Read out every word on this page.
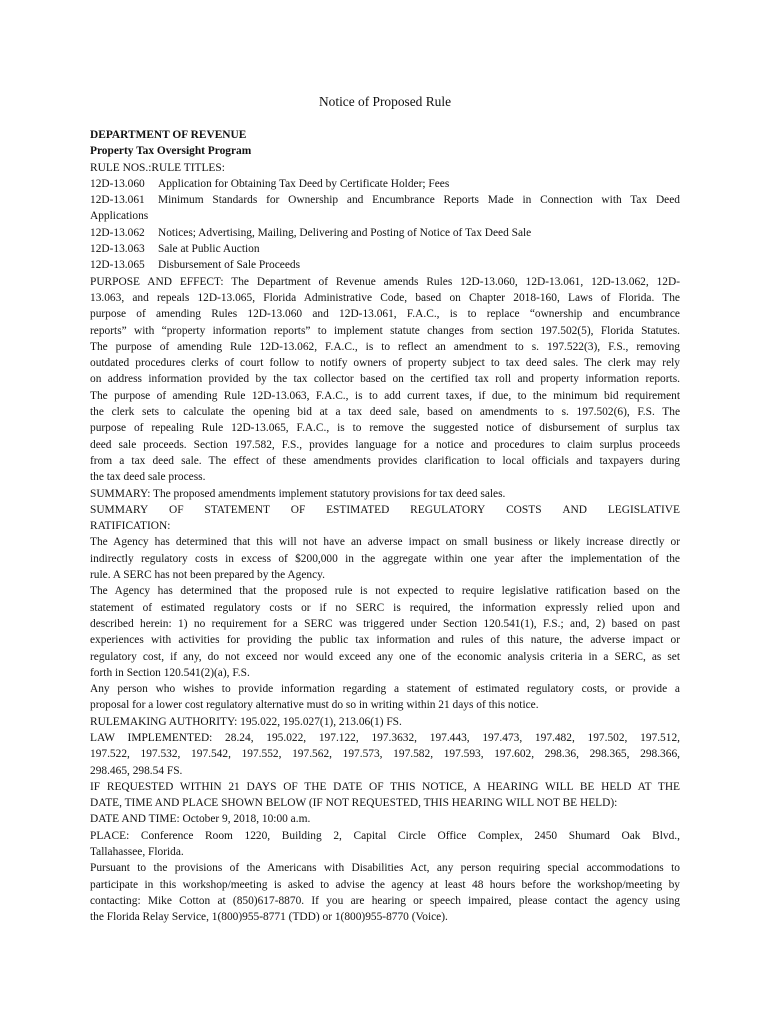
Notice of Proposed Rule
DEPARTMENT OF REVENUE
Property Tax Oversight Program
RULE NOS.:RULE TITLES:
12D-13.060	Application for Obtaining Tax Deed by Certificate Holder; Fees
12D-13.061	Minimum Standards for Ownership and Encumbrance Reports Made in Connection with Tax Deed
Applications
12D-13.062	Notices; Advertising, Mailing, Delivering and Posting of Notice of Tax Deed Sale
12D-13.063	Sale at Public Auction
12D-13.065	Disbursement of Sale Proceeds
PURPOSE AND EFFECT: The Department of Revenue amends Rules 12D-13.060, 12D-13.061, 12D-13.062, 12D-
13.063, and repeals 12D-13.065, Florida Administrative Code, based on Chapter 2018-160, Laws of Florida. The
purpose of amending Rules 12D-13.060 and 12D-13.061, F.A.C., is to replace “ownership and encumbrance
reports” with “property information reports” to implement statute changes from section 197.502(5), Florida Statutes.
The purpose of amending Rule 12D-13.062, F.A.C., is to reflect an amendment to s. 197.522(3), F.S., removing
outdated procedures clerks of court follow to notify owners of property subject to tax deed sales. The clerk may rely
on address information provided by the tax collector based on the certified tax roll and property information reports.
The purpose of amending Rule 12D-13.063, F.A.C., is to add current taxes, if due, to the minimum bid requirement
the clerk sets to calculate the opening bid at a tax deed sale, based on amendments to s. 197.502(6), F.S. The
purpose of repealing Rule 12D-13.065, F.A.C., is to remove the suggested notice of disbursement of surplus tax
deed sale proceeds. Section 197.582, F.S., provides language for a notice and procedures to claim surplus proceeds
from a tax deed sale. The effect of these amendments provides clarification to local officials and taxpayers during
the tax deed sale process.
SUMMARY: The proposed amendments implement statutory provisions for tax deed sales.
SUMMARY OF STATEMENT OF ESTIMATED REGULATORY COSTS AND LEGISLATIVE
RATIFICATION:
The Agency has determined that this will not have an adverse impact on small business or likely increase directly or
indirectly regulatory costs in excess of $200,000 in the aggregate within one year after the implementation of the
rule. A SERC has not been prepared by the Agency.
The Agency has determined that the proposed rule is not expected to require legislative ratification based on the
statement of estimated regulatory costs or if no SERC is required, the information expressly relied upon and
described herein: 1) no requirement for a SERC was triggered under Section 120.541(1), F.S.; and, 2) based on past
experiences with activities for providing the public tax information and rules of this nature, the adverse impact or
regulatory cost, if any, do not exceed nor would exceed any one of the economic analysis criteria in a SERC, as set
forth in Section 120.541(2)(a), F.S.
Any person who wishes to provide information regarding a statement of estimated regulatory costs, or provide a
proposal for a lower cost regulatory alternative must do so in writing within 21 days of this notice.
RULEMAKING AUTHORITY: 195.022, 195.027(1), 213.06(1) FS.
LAW IMPLEMENTED: 28.24, 195.022, 197.122, 197.3632, 197.443, 197.473, 197.482, 197.502, 197.512,
197.522, 197.532, 197.542, 197.552, 197.562, 197.573, 197.582, 197.593, 197.602, 298.36, 298.365, 298.366,
298.465, 298.54 FS.
IF REQUESTED WITHIN 21 DAYS OF THE DATE OF THIS NOTICE, A HEARING WILL BE HELD AT THE
DATE, TIME AND PLACE SHOWN BELOW (IF NOT REQUESTED, THIS HEARING WILL NOT BE HELD):
DATE AND TIME: October 9, 2018, 10:00 a.m.
PLACE: Conference Room 1220, Building 2, Capital Circle Office Complex, 2450 Shumard Oak Blvd.,
Tallahassee, Florida.
Pursuant to the provisions of the Americans with Disabilities Act, any person requiring special accommodations to
participate in this workshop/meeting is asked to advise the agency at least 48 hours before the workshop/meeting by
contacting: Mike Cotton at (850)617-8870. If you are hearing or speech impaired, please contact the agency using
the Florida Relay Service, 1(800)955-8771 (TDD) or 1(800)955-8770 (Voice).
